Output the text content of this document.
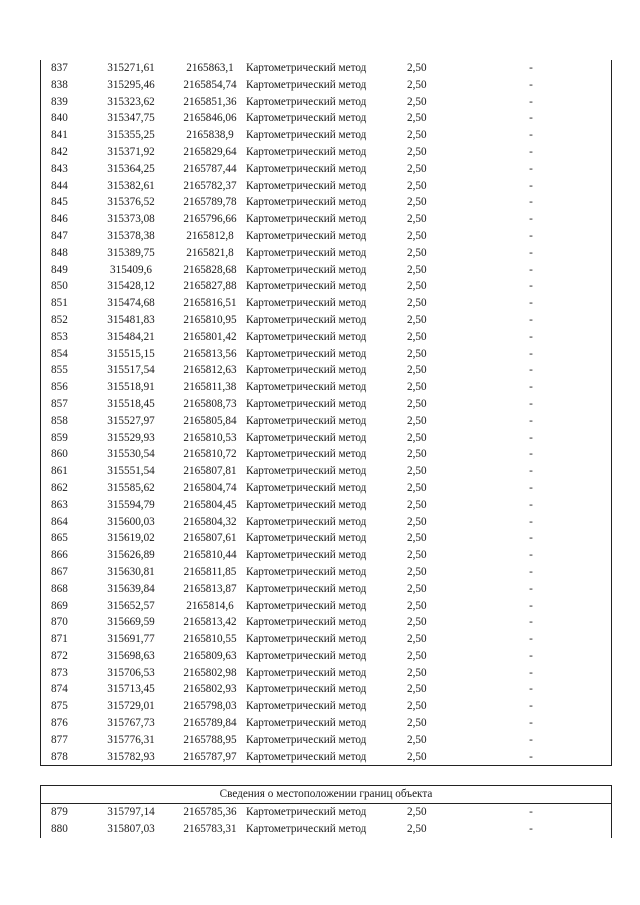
837	315271,61	2165863,1	Картометрический метод	2,50	-
838	315295,46	2165854,74 Картометрический метод	2,50	-
839	315323,62	2165851,36 Картометрический метод	2,50	-
840	315347,75	2165846,06 Картометрический метод	2,50	-
841	315355,25	2165838,9	Картометрический метод	2,50	-
842	315371,92	2165829,64 Картометрический метод	2,50	-
843	315364,25	2165787,44 Картометрический метод	2,50	-
844	315382,61	2165782,37 Картометрический метод	2,50	-
845	315376,52	2165789,78 Картометрический метод	2,50	-
846	315373,08	2165796,66 Картометрический метод	2,50	-
847	315378,38	2165812,8	Картометрический метод	2,50	-
848	315389,75	2165821,8	Картометрический метод	2,50	-
849	315409,6	2165828,68 Картометрический метод	2,50	-
850	315428,12	2165827,88 Картометрический метод	2,50	-
851	315474,68	2165816,51 Картометрический метод	2,50	-
852	315481,83	2165810,95 Картометрический метод	2,50	-
853	315484,21	2165801,42 Картометрический метод	2,50	-
854	315515,15	2165813,56 Картометрический метод	2,50	-
855	315517,54	2165812,63 Картометрический метод	2,50	-
856	315518,91	2165811,38 Картометрический метод	2,50	-
857	315518,45	2165808,73 Картометрический метод	2,50	-
858	315527,97	2165805,84 Картометрический метод	2,50	-
859	315529,93	2165810,53 Картометрический метод	2,50	-
860	315530,54	2165810,72 Картометрический метод	2,50	-
861	315551,54	2165807,81 Картометрический метод	2,50	-
862	315585,62	2165804,74 Картометрический метод	2,50	-
863	315594,79	2165804,45 Картометрический метод	2,50	-
864	315600,03	2165804,32 Картометрический метод	2,50	-
865	315619,02	2165807,61 Картометрический метод	2,50	-
866	315626,89	2165810,44 Картометрический метод	2,50	-
867	315630,81	2165811,85 Картометрический метод	2,50	-
868	315639,84	2165813,87 Картометрический метод	2,50	-
869	315652,57	2165814,6	Картометрический метод	2,50	-
870	315669,59	2165813,42 Картометрический метод	2,50	-
871	315691,77	2165810,55 Картометрический метод	2,50	-
872	315698,63	2165809,63 Картометрический метод	2,50	-
873	315706,53	2165802,98 Картометрический метод	2,50	-
874	315713,45	2165802,93 Картометрический метод	2,50	-
875	315729,01	2165798,03 Картометрический метод	2,50	-
876	315767,73	2165789,84 Картометрический метод	2,50	-
877	315776,31	2165788,95 Картометрический метод	2,50	-
878	315782,93	2165787,97 Картометрический метод	2,50	-
Сведения о местоположении границ объекта
879	315797,14	2165785,36 Картометрический метод	2,50	-
880	315807,03	2165783,31 Картометрический метод	2,50	-
